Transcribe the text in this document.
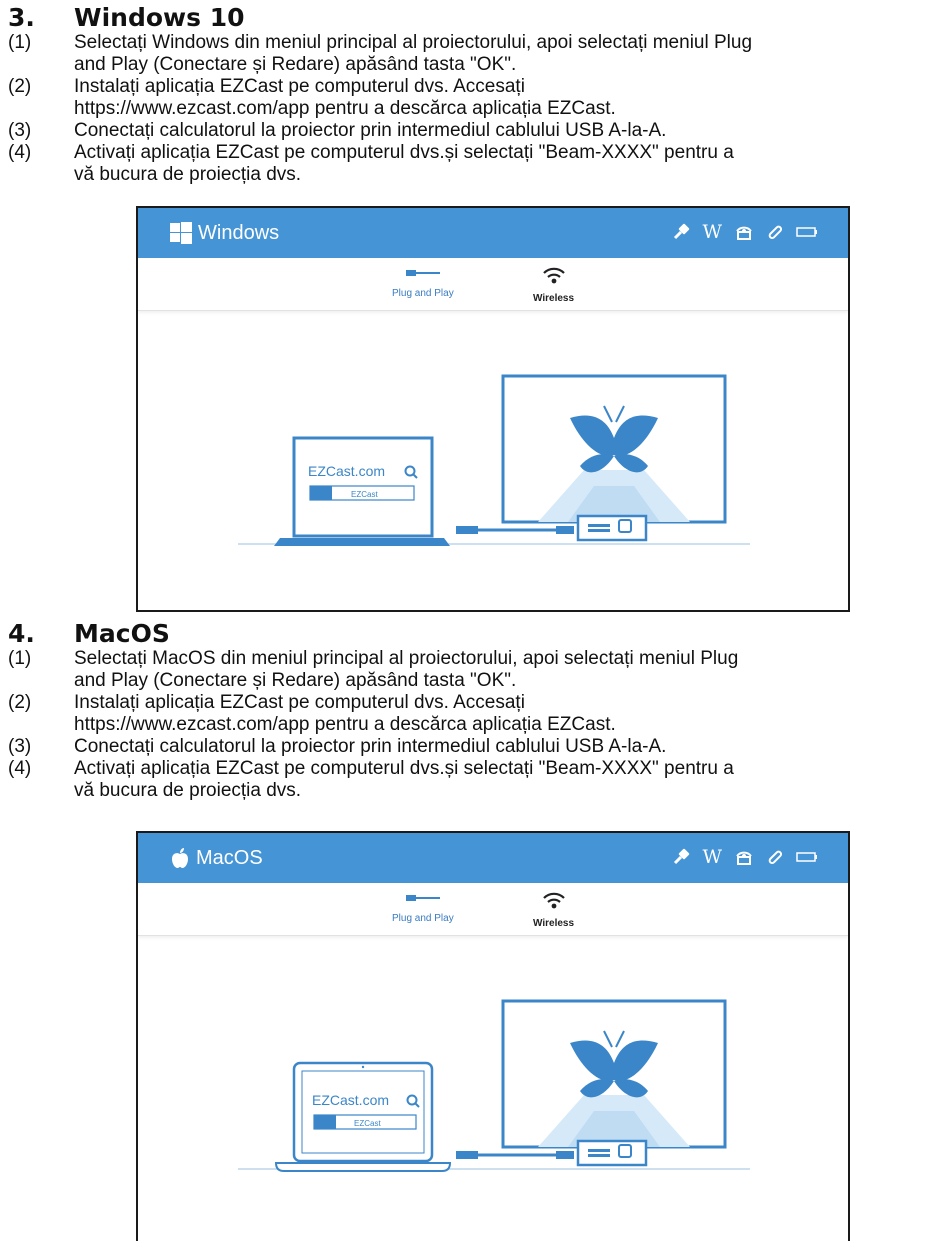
3. Windows 10
(1)	Selectați Windows din meniul principal al proiectorului, apoi selectați meniul Plug
and Play (Conectare și Redare) apăsând tasta "OK".
(2)	Instalați aplicația EZCast pe computerul dvs. Accesați
https://www.ezcast.com/app pentru a descărca aplicația EZCast.
(3)	Conectați calculatorul la proiector prin intermediul cablului USB A-la-A.
(4)	Activați aplicația EZCast pe computerul dvs.și selectați "Beam-XXXX" pentru a
vă bucura de proiecția dvs.
Windows	W
Plug and Play	Wireless
EZCast.com
EZCast
4. MacOS
(1)	Selectați MacOS din meniul principal al proiectorului, apoi selectați meniul Plug
and Play (Conectare și Redare) apăsând tasta "OK".
(2)	Instalați aplicația EZCast pe computerul dvs. Accesați
https://www.ezcast.com/app pentru a descărca aplicația EZCast.
(3)	Conectați calculatorul la proiector prin intermediul cablului USB A-la-A.
(4)	Activați aplicația EZCast pe computerul dvs.și selectați "Beam-XXXX" pentru a
vă bucura de proiecția dvs.
MacOS	W
Plug and Play	Wireless
EZCast.com
EZCast
